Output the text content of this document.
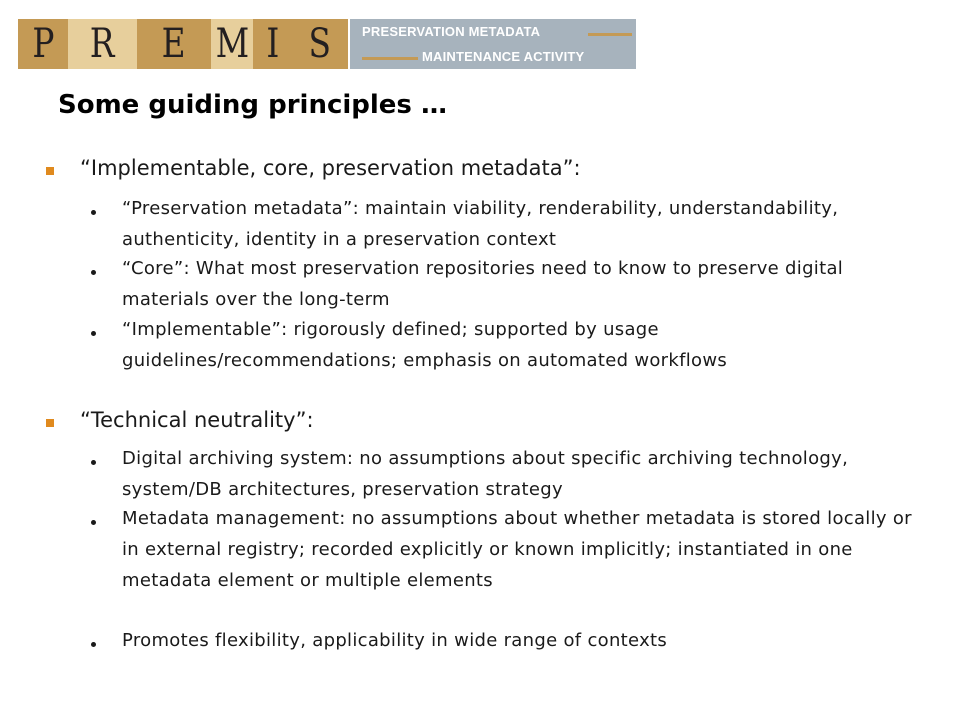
P R E M I S PRESERVATION METADATA
MAINTENANCE ACTIVITY
Some guiding principles …
“Implementable, core, preservation metadata”:
“Preservation metadata”: maintain viability, renderability, understandability, authenticity, identity in a preservation context
“Core”: What most preservation repositories need to know to preserve digital materials over the long-term
“Implementable”: rigorously defined; supported by usage guidelines/recommendations; emphasis on automated workflows
“Technical neutrality”:
Digital archiving system: no assumptions about specific archiving technology, system/DB architectures, preservation strategy
Metadata management: no assumptions about whether metadata is stored locally or in external registry; recorded explicitly or known implicitly; instantiated in one metadata element or multiple elements
Promotes flexibility, applicability in wide range of contexts
